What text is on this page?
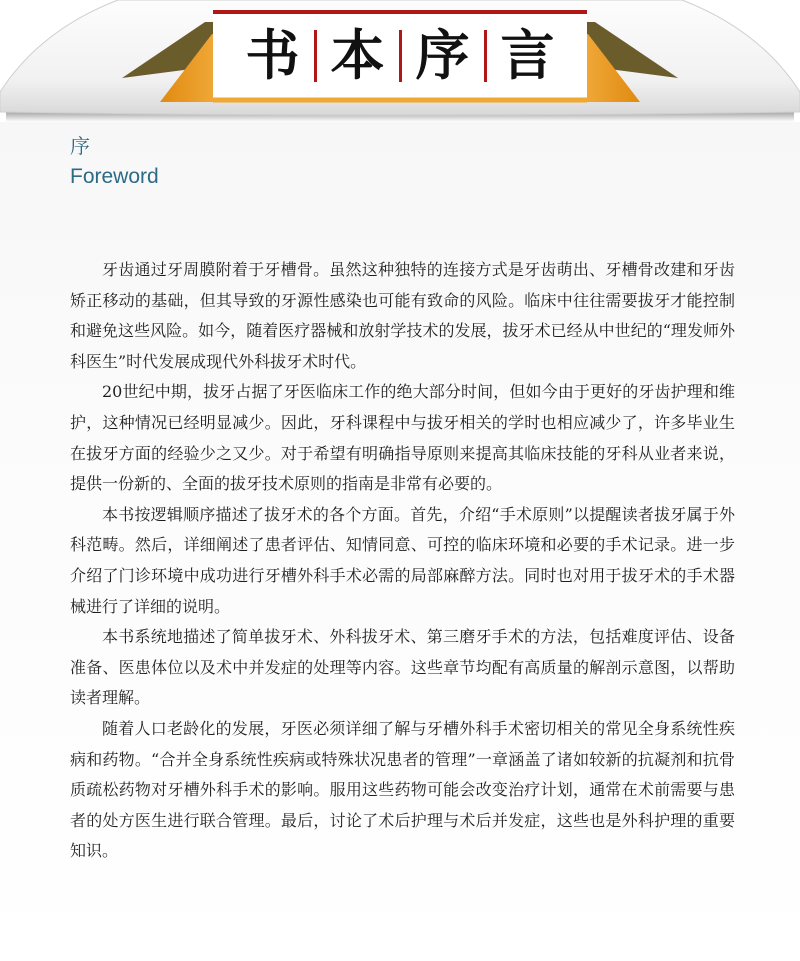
书 本 序 言
序
Foreword

牙齿通过牙周膜附着于牙槽骨。虽然这种独特的连接方式是牙齿萌出、牙槽骨改建和牙齿矫正移动的基础，但其导致的牙源性感染也可能有致命的风险。临床中往往需要拔牙才能控制和避免这些风险。如今，随着医疗器械和放射学技术的发展，拔牙术已经从中世纪的“理发师外科医生”时代发展成现代外科拔牙术时代。

20世纪中期，拔牙占据了牙医临床工作的绝大部分时间，但如今由于更好的牙齿护理和维护，这种情况已经明显减少。因此，牙科课程中与拔牙相关的学时也相应减少了，许多毕业生在拔牙方面的经验少之又少。对于希望有明确指导原则来提高其临床技能的牙科从业者来说，提供一份新的、全面的拔牙技术原则的指南是非常有必要的。

本书按逻辑顺序描述了拔牙术的各个方面。首先，介绍“手术原则”以提醒读者拔牙属于外科范畴。然后，详细阐述了患者评估、知情同意、可控的临床环境和必要的手术记录。进一步介绍了门诊环境中成功进行牙槽外科手术必需的局部麻醉方法。同时也对用于拔牙术的手术器械进行了详细的说明。

本书系统地描述了简单拔牙术、外科拔牙术、第三磨牙手术的方法，包括难度评估、设备准备、医患体位以及术中并发症的处理等内容。这些章节均配有高质量的解剖示意图，以帮助读者理解。

随着人口老龄化的发展，牙医必须详细了解与牙槽外科手术密切相关的常见全身系统性疾病和药物。“合并全身系统性疾病或特殊状况患者的管理”一章涵盖了诸如较新的抗凝剂和抗骨质疏松药物对牙槽外科手术的影响。服用这些药物可能会改变治疗计划，通常在术前需要与患者的处方医生进行联合管理。最后，讨论了术后护理与术后并发症，这些也是外科护理的重要知识。
